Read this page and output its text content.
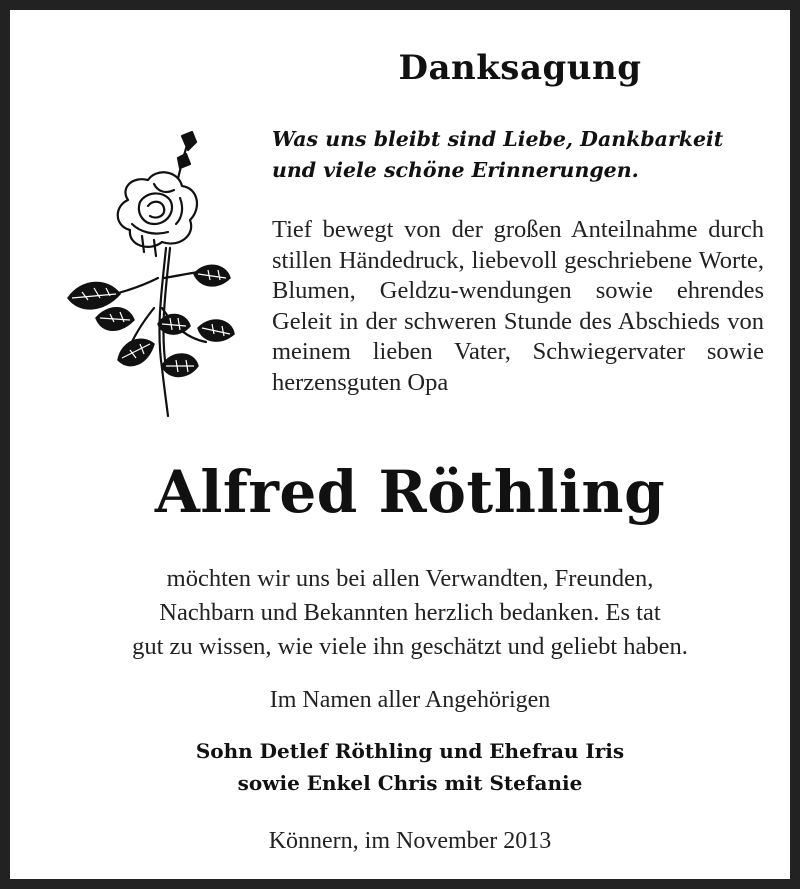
Danksagung
Was uns bleibt sind Liebe, Dankbarkeit
und viele schöne Erinnerungen.
Tief bewegt von der großen Anteilnahme durch stillen Händedruck, liebevoll geschriebene Worte, Blumen, Geldzu-wendungen sowie ehrendes Geleit in der schweren Stunde des Abschieds von meinem lieben Vater, Schwiegervater sowie herzensguten Opa
Alfred Röthling
möchten wir uns bei allen Verwandten, Freunden,
Nachbarn und Bekannten herzlich bedanken. Es tat
gut zu wissen, wie viele ihn geschätzt und geliebt haben.
Im Namen aller Angehörigen
Sohn Detlef Röthling und Ehefrau Iris
sowie Enkel Chris mit Stefanie
Könnern, im November 2013
